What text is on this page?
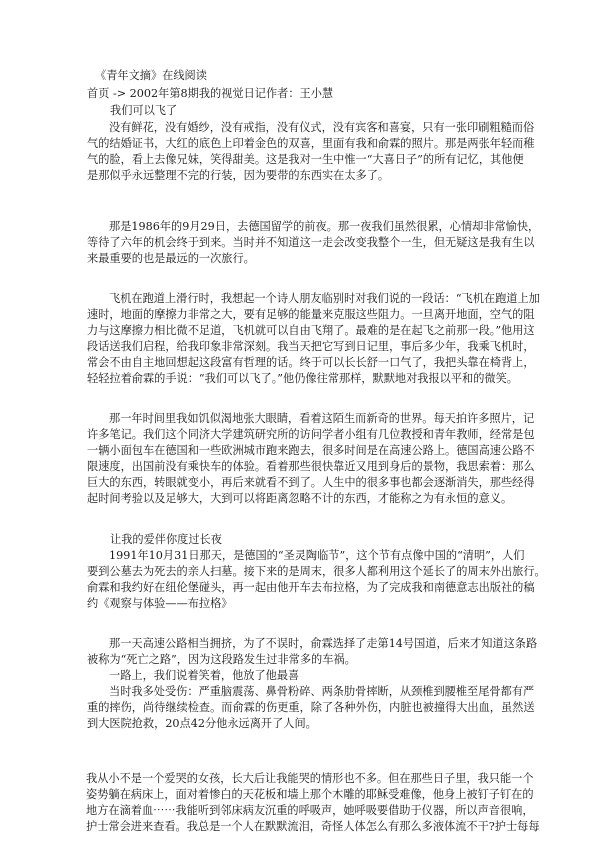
《青年文摘》在线阅读

首页 -> 2002年第8期我的视觉日记作者：王小慧

我们可以飞了

没有鲜花，没有婚纱，没有戒指，没有仪式，没有宾客和喜宴，只有一张印刷粗糙而俗

气的结婚证书，大红的底色上印着金色的双喜，里面有我和俞霖的照片。那是两张年轻而稚

气的脸，看上去像兄妹，笑得甜美。这是我对一生中惟一“大喜日子”的所有记忆，其他便

是那似乎永远整理不完的行装，因为要带的东西实在太多了。

那是1986年的9月29日，去德国留学的前夜。那一夜我们虽然很累，心情却非常愉快，

等待了六年的机会终于到来。当时并不知道这一走会改变我整个一生，但无疑这是我有生以

来最重要的也是最远的一次旅行。

飞机在跑道上滑行时，我想起一个诗人朋友临别时对我们说的一段话：“飞机在跑道上加

速时，地面的摩擦力非常之大，要有足够的能量来克服这些阻力。一旦离开地面，空气的阻

力与这摩擦力相比微不足道，飞机就可以自由飞翔了。最难的是在起飞之前那一段。”他用这

段话送我们启程，给我印象非常深刻。我当天把它写到日记里，事后多少年，我乘飞机时，

常会不由自主地回想起这段富有哲理的话。终于可以长长舒一口气了，我把头靠在椅背上，

轻轻拉着俞霖的手说：“我们可以飞了。”他仍像往常那样，默默地对我报以平和的微笑。

那一年时间里我如饥似渴地张大眼睛，看着这陌生而新奇的世界。每天拍许多照片，记

许多笔记。我们这个同济大学建筑研究所的访问学者小组有几位教授和青年教师，经常是包

一辆小面包车在德国和一些欧洲城市跑来跑去，很多时间是在高速公路上。德国高速公路不

限速度，出国前没有乘快车的体验。看着那些很快靠近又甩到身后的景物，我思索着：那么

巨大的东西，转眼就变小，再后来就看不到了。人生中的很多事也都会逐渐消失，那些经得

起时间考验以及足够大，大到可以将距离忽略不计的东西，才能称之为有永恒的意义。

让我的爱伴你度过长夜

1991年10月31日那天，是德国的“圣灵陶临节”，这个节有点像中国的“清明”，人们

要到公墓去为死去的亲人扫墓。接下来的是周末，很多人都利用这个延长了的周末外出旅行。

俞霖和我约好在纽伦堡碰头，再一起由他开车去布拉格，为了完成我和南德意志出版社的稿

约《观察与体验——布拉格》

那一天高速公路相当拥挤，为了不误时，俞霖选择了走第14号国道，后来才知道这条路

被称为“死亡之路”，因为这段路发生过非常多的车祸。

一路上，我们说着笑着，他放了他最喜

当时我多处受伤：严重脑震荡、鼻骨粉碎、两条肋骨摔断，从颈椎到腰椎至尾骨都有严

重的摔伤，尚待继续检查。而俞霖的伤更重，除了各种外伤，内脏也被撞得大出血，虽然送

到大医院抢救，20点42分他永远离开了人间。

我从小不是一个爱哭的女孩，长大后让我能哭的情形也不多。但在那些日子里，我只能一个

姿势躺在病床上，面对着惨白的天花板和墙上那个木雕的耶稣受难像，他身上被钉子钉在的

地方在滴着血⋯⋯我能听到邻床病友沉重的呼吸声，她呼吸要借助于仪器，所以声音很响，

护士常会进来查看。我总是一个人在默默流泪，奇怪人体怎么有那么多液体流不干?护士每每
